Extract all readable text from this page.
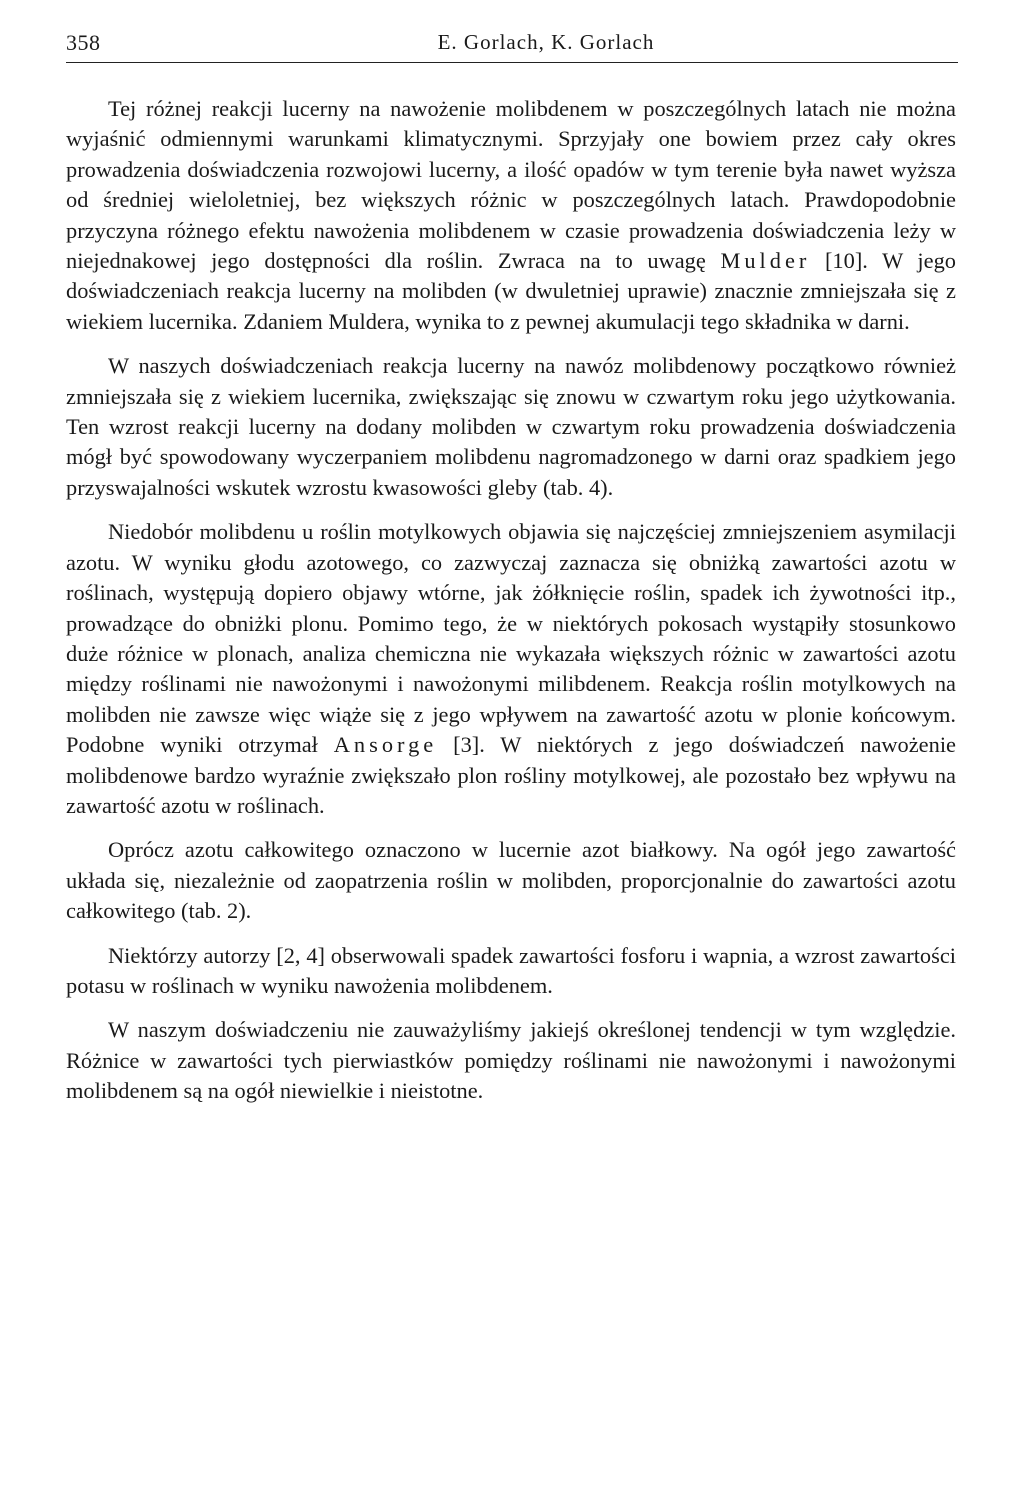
358	E. Gorlach, K. Gorlach

Tej różnej reakcji lucerny na nawożenie molibdenem w poszczególnych latach nie można wyjaśnić odmiennymi warunkami klimatycznymi. Sprzyjały one bowiem przez cały okres prowadzenia doświadczenia rozwojowi lucerny, a ilość opadów w tym terenie była nawet wyższa od średniej wieloletniej, bez większych różnic w poszczególnych latach. Prawdopodobnie przyczyna różnego efektu nawożenia molibdenem w czasie prowadzenia doświadczenia leży w niejednakowej jego dostępności dla roślin. Zwraca na to uwagę Mulder [10]. W jego doświadczeniach reakcja lucerny na molibden (w dwuletniej uprawie) znacznie zmniejszała się z wiekiem lucernika. Zdaniem Muldera, wynika to z pewnej akumulacji tego składnika w darni.

W naszych doświadczeniach reakcja lucerny na nawóz molibdenowy początkowo również zmniejszała się z wiekiem lucernika, zwiększając się znowu w czwartym roku jego użytkowania. Ten wzrost reakcji lucerny na dodany molibden w czwartym roku prowadzenia doświadczenia mógł być spowodowany wyczerpaniem molibdenu nagromadzonego w darni oraz spadkiem jego przyswajalności wskutek wzrostu kwasowości gleby (tab. 4).

Niedobór molibdenu u roślin motylkowych objawia się najczęściej zmniejszeniem asymilacji azotu. W wyniku głodu azotowego, co zazwyczaj zaznacza się obniżką zawartości azotu w roślinach, występują dopiero objawy wtórne, jak żółknięcie roślin, spadek ich żywotności itp., prowadzące do obniżki plonu. Pomimo tego, że w niektórych pokosach wystąpiły stosunkowo duże różnice w plonach, analiza chemiczna nie wykazała większych różnic w zawartości azotu między roślinami nie nawożonymi i nawożonymi milibdenem. Reakcja roślin motylkowych na molibden nie zawsze więc wiąże się z jego wpływem na zawartość azotu w plonie końcowym. Podobne wyniki otrzymał Ansorge [3]. W niektórych z jego doświadczeń nawożenie molibdenowe bardzo wyraźnie zwiększało plon rośliny motylkowej, ale pozostało bez wpływu na zawartość azotu w roślinach.

Oprócz azotu całkowitego oznaczono w lucernie azot białkowy. Na ogół jego zawartość układa się, niezależnie od zaopatrzenia roślin w molibden, proporcjonalnie do zawartości azotu całkowitego (tab. 2).

Niektórzy autorzy [2, 4] obserwowali spadek zawartości fosforu i wapnia, a wzrost zawartości potasu w roślinach w wyniku nawożenia molibdenem.

W naszym doświadczeniu nie zauważyliśmy jakiejś określonej tendencji w tym względzie. Różnice w zawartości tych pierwiastków pomiędzy roślinami nie nawożonymi i nawożonymi molibdenem są na ogół niewielkie i nieistotne.
